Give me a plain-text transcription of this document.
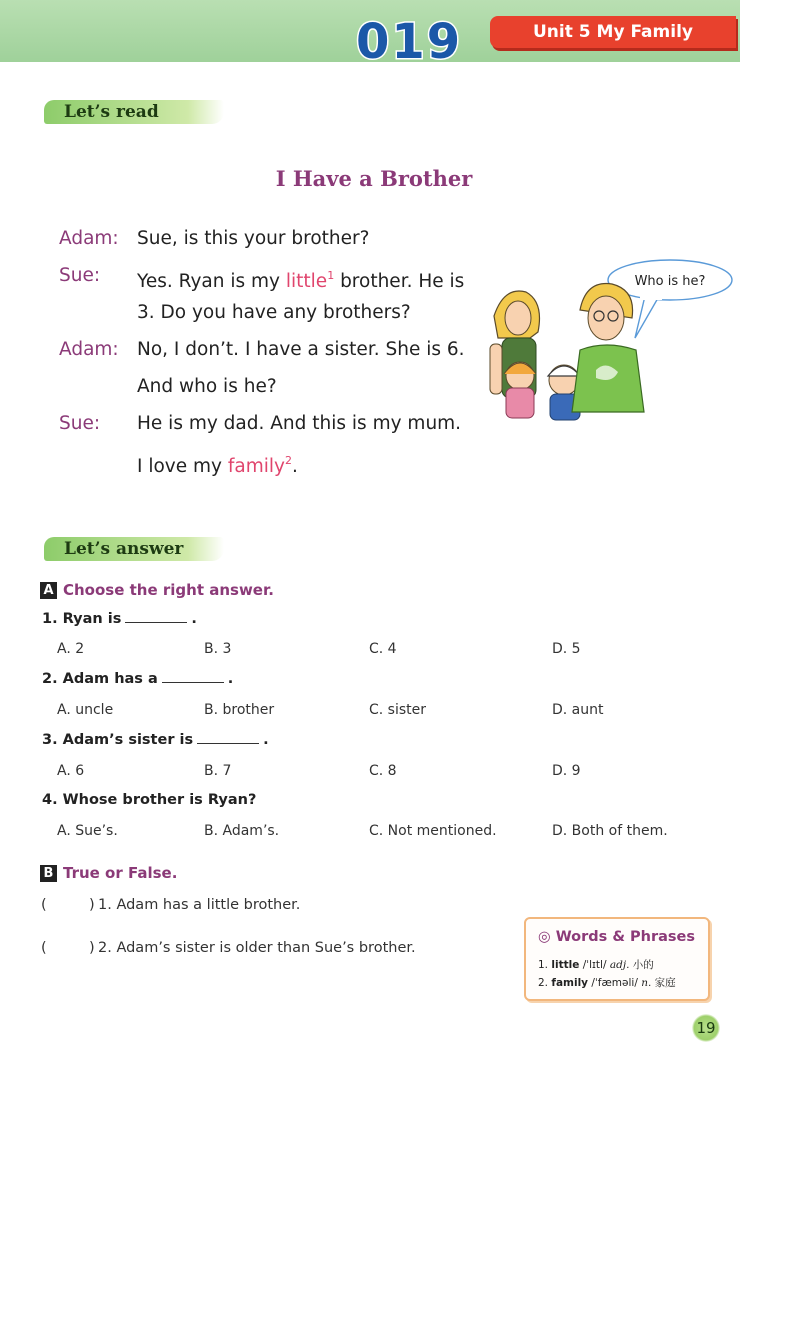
019	Unit 5 My Family
Let’s read
I Have a Brother
Adam: Sue, is this your brother?
Sue: Yes. Ryan is my little$^1$ brother. He is
3. Do you have any brothers?
Adam: No, I don’t. I have a sister. She is 6.
And who is he?
Sue: He is my dad. And this is my mum.
I love my family$^2$.
Who is he?
Let’s answer
A Choose the right answer.
1. Ryan is	.
A. 2	B. 3	C. 4	D. 5
2. Adam has a	.
A. uncle	B. brother	C. sister	D. aunt
3. Adam’s sister is	.
A. 6	B. 7	C. 8	D. 9
4. Whose brother is Ryan?
A. Sue’s.	B. Adam’s.	C. Not mentioned.	D. Both of them.
B True or False.
(	) 1. Adam has a little brother.
(	) 2. Adam’s sister is older than Sue’s brother.
◎ Words & Phrases
1. little /ˈlɪtl/ adj. 小的
2. family /ˈfæməli/ n. 家庭
19
